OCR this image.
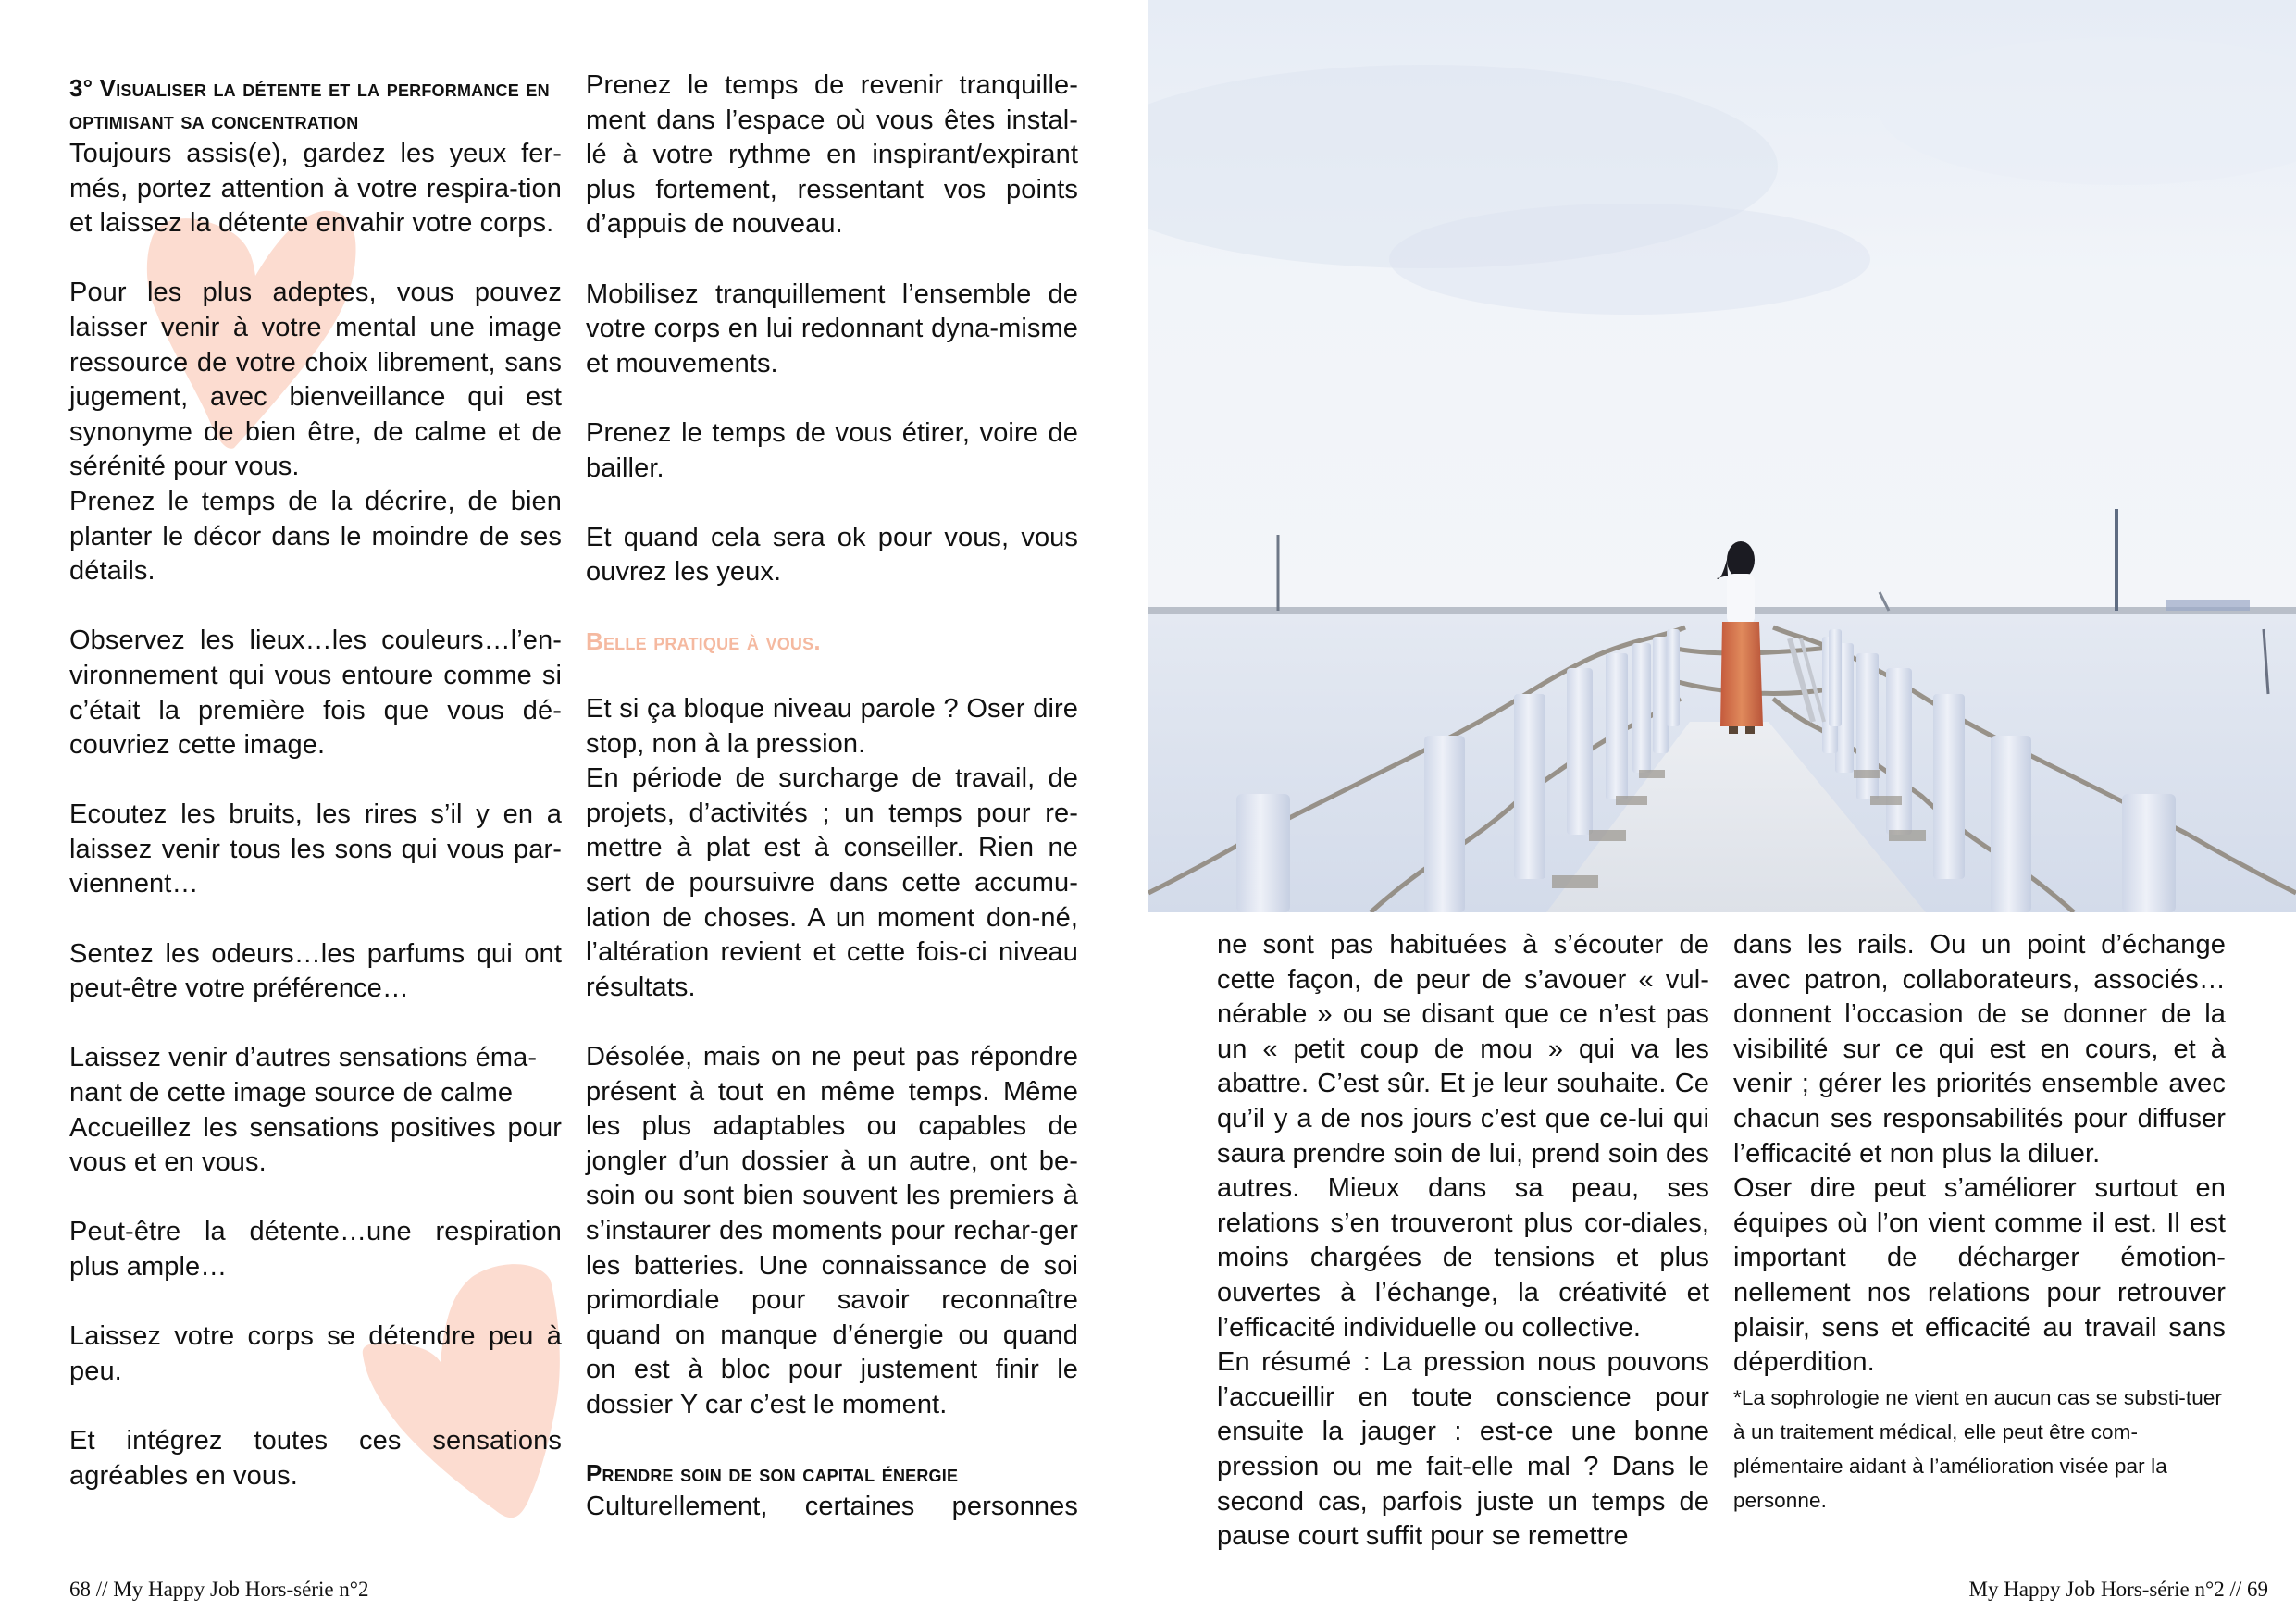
3° Visualiser la détente et la performance en optimisant sa concentration

Toujours assis(e), gardez les yeux fer-més, portez attention à votre respira-tion et laissez la détente envahir votre corps.

Pour les plus adeptes, vous pouvez laisser venir à votre mental une image ressource de votre choix librement, sans jugement, avec bienveillance qui est synonyme de bien être, de calme et de sérénité pour vous.

Prenez le temps de la décrire, de bien planter le décor dans le moindre de ses détails.

Observez les lieux…les couleurs…l’en-vironnement qui vous entoure comme si c’était la première fois que vous dé-couvriez cette image.

Ecoutez les bruits, les rires s’il y en a laissez venir tous les sons qui vous par-viennent…

Sentez les odeurs…les parfums qui ont peut-être votre préférence…

Laissez venir d’autres sensations éma-nant de cette image source de calme

Accueillez les sensations positives pour vous et en vous.

Peut-être la détente…une respiration plus ample…

Laissez votre corps se détendre peu à peu.

Et intégrez toutes ces sensations agréables en vous.

Prenez le temps de revenir tranquille-ment dans l’espace où vous êtes instal-lé à votre rythme en inspirant/expirant plus fortement, ressentant vos points d’appuis de nouveau.

Mobilisez tranquillement l’ensemble de votre corps en lui redonnant dyna-misme et mouvements.

Prenez le temps de vous étirer, voire de bailler.

Et quand cela sera ok pour vous, vous ouvrez les yeux.

Belle pratique à vous.

Et si ça bloque niveau parole ? Oser dire stop, non à la pression.

En période de surcharge de travail, de projets, d’activités ; un temps pour re-mettre à plat est à conseiller. Rien ne sert de poursuivre dans cette accumu-lation de choses. A un moment don-né, l’altération revient et cette fois-ci niveau résultats.

Désolée, mais on ne peut pas répondre présent à tout en même temps. Même les plus adaptables ou capables de jongler d’un dossier à un autre, ont be-soin ou sont bien souvent les premiers à s’instaurer des moments pour rechar-ger les batteries. Une connaissance de soi primordiale pour savoir reconnaître quand on manque d’énergie ou quand on est à bloc pour justement finir le dossier Y car c’est le moment.

Prendre soin de son capital énergie

Culturellement, certaines personnes

68 // My Happy Job Hors-série n°2

ne sont pas habituées à s’écouter de cette façon, de peur de s’avouer « vul-nérable » ou se disant que ce n’est pas un « petit coup de mou » qui va les abattre. C’est sûr. Et je leur souhaite. Ce qu’il y a de nos jours c’est que ce-lui qui saura prendre soin de lui, prend soin des autres. Mieux dans sa peau, ses relations s’en trouveront plus cor-diales, moins chargées de tensions et plus ouvertes à l’échange, la créativité et l’efficacité individuelle ou collective.

En résumé : La pression nous pouvons l’accueillir en toute conscience pour ensuite la jauger : est-ce une bonne pression ou me fait-elle mal ? Dans le second cas, parfois juste un temps de pause court suffit pour se remettre

dans les rails. Ou un point d’échange avec patron, collaborateurs, associés… donnent l’occasion de se donner de la visibilité sur ce qui est en cours, et à venir ; gérer les priorités ensemble avec chacun ses responsabilités pour diffuser l’efficacité et non plus la diluer.

Oser dire peut s’améliorer surtout en équipes où l’on vient comme il est. Il est important de décharger émotion-nellement nos relations pour retrouver plaisir, sens et efficacité au travail sans déperdition.

*La sophrologie ne vient en aucun cas se substi-tuer à un traitement médical, elle peut être com-plémentaire aidant à l’amélioration visée par la personne.

My Happy Job Hors-série n°2 // 69
